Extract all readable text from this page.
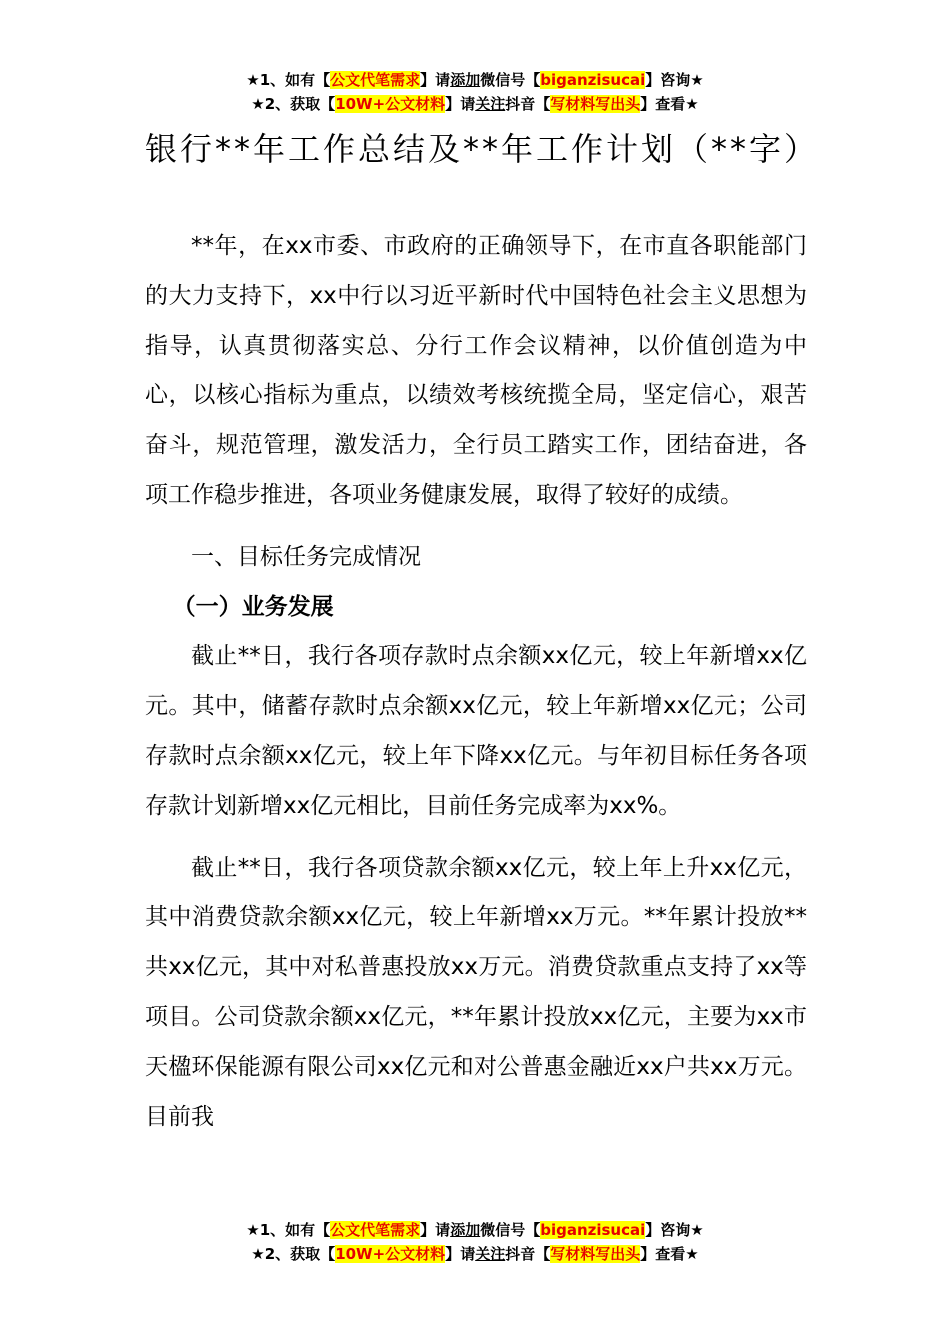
★1、如有【公文代笔需求】请添加微信号【biganzisucai】咨询★
★2、获取【10W+公文材料】请关注抖音【写材料写出头】查看★
银行**年工作总结及**年工作计划（**字）

**年，在xx市委、市政府的正确领导下，在市直各职能部门的大力支持下，xx中行以习近平新时代中国特色社会主义思想为指导，认真贯彻落实总、分行工作会议精神，以价值创造为中心，以核心指标为重点，以绩效考核统揽全局，坚定信心，艰苦奋斗，规范管理，激发活力，全行员工踏实工作，团结奋进，各项工作稳步推进，各项业务健康发展，取得了较好的成绩。

一、目标任务完成情况

（一）业务发展

截止**日，我行各项存款时点余额xx亿元，较上年新增xx亿元。其中，储蓄存款时点余额xx亿元，较上年新增xx亿元；公司存款时点余额xx亿元，较上年下降xx亿元。与年初目标任务各项存款计划新增xx亿元相比，目前任务完成率为xx%。

截止**日，我行各项贷款余额xx亿元，较上年上升xx亿元，其中消费贷款余额xx亿元，较上年新增xx万元。**年累计投放**共xx亿元，其中对私普惠投放xx万元。消费贷款重点支持了xx等项目。公司贷款余额xx亿元，**年累计投放xx亿元，主要为xx市天楹环保能源有限公司xx亿元和对公普惠金融近xx户共xx万元。目前我

★1、如有【公文代笔需求】请添加微信号【biganzisucai】咨询★
★2、获取【10W+公文材料】请关注抖音【写材料写出头】查看★
